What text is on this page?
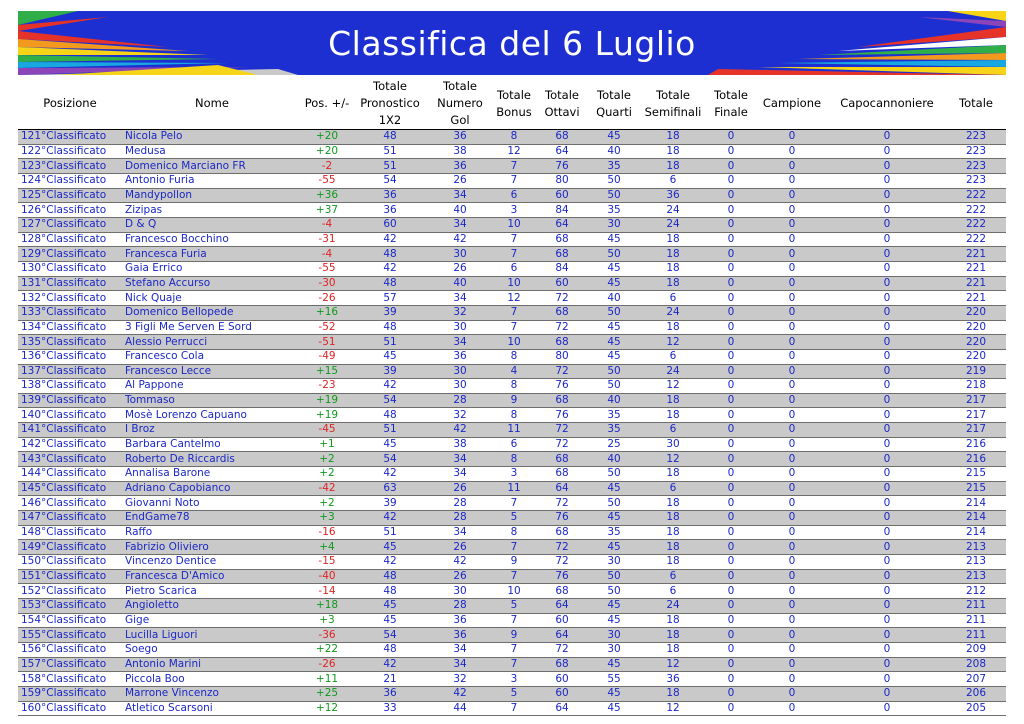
Classifica del 6 Luglio
Posizione	Nome	Pos. +/-	Totale Pronostico 1X2	Totale Numero Gol	Totale Bonus	Totale Ottavi	Totale Quarti	Totale Semifinali	Totale Finale	Campione	Capocannoniere	Totale
121°Classificato	Nicola Pelo	+20	48	36	8	68	45	18	0	0	0	223
122°Classificato	Medusa	+20	51	38	12	64	40	18	0	0	0	223
123°Classificato	Domenico Marciano FR	-2	51	36	7	76	35	18	0	0	0	223
124°Classificato	Antonio Furia	-55	54	26	7	80	50	6	0	0	0	223
125°Classificato	Mandypollon	+36	36	34	6	60	50	36	0	0	0	222
126°Classificato	Zizipas	+37	36	40	3	84	35	24	0	0	0	222
127°Classificato	D & Q	-4	60	34	10	64	30	24	0	0	0	222
128°Classificato	Francesco Bocchino	-31	42	42	7	68	45	18	0	0	0	222
129°Classificato	Francesca Furia	-4	48	30	7	68	50	18	0	0	0	221
130°Classificato	Gaia Errico	-55	42	26	6	84	45	18	0	0	0	221
131°Classificato	Stefano Accurso	-30	48	40	10	60	45	18	0	0	0	221
132°Classificato	Nick Quaje	-26	57	34	12	72	40	6	0	0	0	221
133°Classificato	Domenico Bellopede	+16	39	32	7	68	50	24	0	0	0	220
134°Classificato	3 Figli Me Serven E Sord	-52	48	30	7	72	45	18	0	0	0	220
135°Classificato	Alessio Perrucci	-51	51	34	10	68	45	12	0	0	0	220
136°Classificato	Francesco Cola	-49	45	36	8	80	45	6	0	0	0	220
137°Classificato	Francesco Lecce	+15	39	30	4	72	50	24	0	0	0	219
138°Classificato	Al Pappone	-23	42	30	8	76	50	12	0	0	0	218
139°Classificato	Tommaso	+19	54	28	9	68	40	18	0	0	0	217
140°Classificato	Mosè Lorenzo Capuano	+19	48	32	8	76	35	18	0	0	0	217
141°Classificato	I Broz	-45	51	42	11	72	35	6	0	0	0	217
142°Classificato	Barbara Cantelmo	+1	45	38	6	72	25	30	0	0	0	216
143°Classificato	Roberto De Riccardis	+2	54	34	8	68	40	12	0	0	0	216
144°Classificato	Annalisa Barone	+2	42	34	3	68	50	18	0	0	0	215
145°Classificato	Adriano Capobianco	-42	63	26	11	64	45	6	0	0	0	215
146°Classificato	Giovanni Noto	+2	39	28	7	72	50	18	0	0	0	214
147°Classificato	EndGame78	+3	42	28	5	76	45	18	0	0	0	214
148°Classificato	Raffo	-16	51	34	8	68	35	18	0	0	0	214
149°Classificato	Fabrizio Oliviero	+4	45	26	7	72	45	18	0	0	0	213
150°Classificato	Vincenzo Dentice	-15	42	42	9	72	30	18	0	0	0	213
151°Classificato	Francesca D'Amico	-40	48	26	7	76	50	6	0	0	0	213
152°Classificato	Pietro Scarica	-14	48	30	10	68	50	6	0	0	0	212
153°Classificato	Angioletto	+18	45	28	5	64	45	24	0	0	0	211
154°Classificato	Gige	+3	45	36	7	60	45	18	0	0	0	211
155°Classificato	Lucilla Liguori	-36	54	36	9	64	30	18	0	0	0	211
156°Classificato	Soego	+22	48	34	7	72	30	18	0	0	0	209
157°Classificato	Antonio Marini	-26	42	34	7	68	45	12	0	0	0	208
158°Classificato	Piccola Boo	+11	21	32	3	60	55	36	0	0	0	207
159°Classificato	Marrone Vincenzo	+25	36	42	5	60	45	18	0	0	0	206
160°Classificato	Atletico Scarsoni	+12	33	44	7	64	45	12	0	0	0	205
